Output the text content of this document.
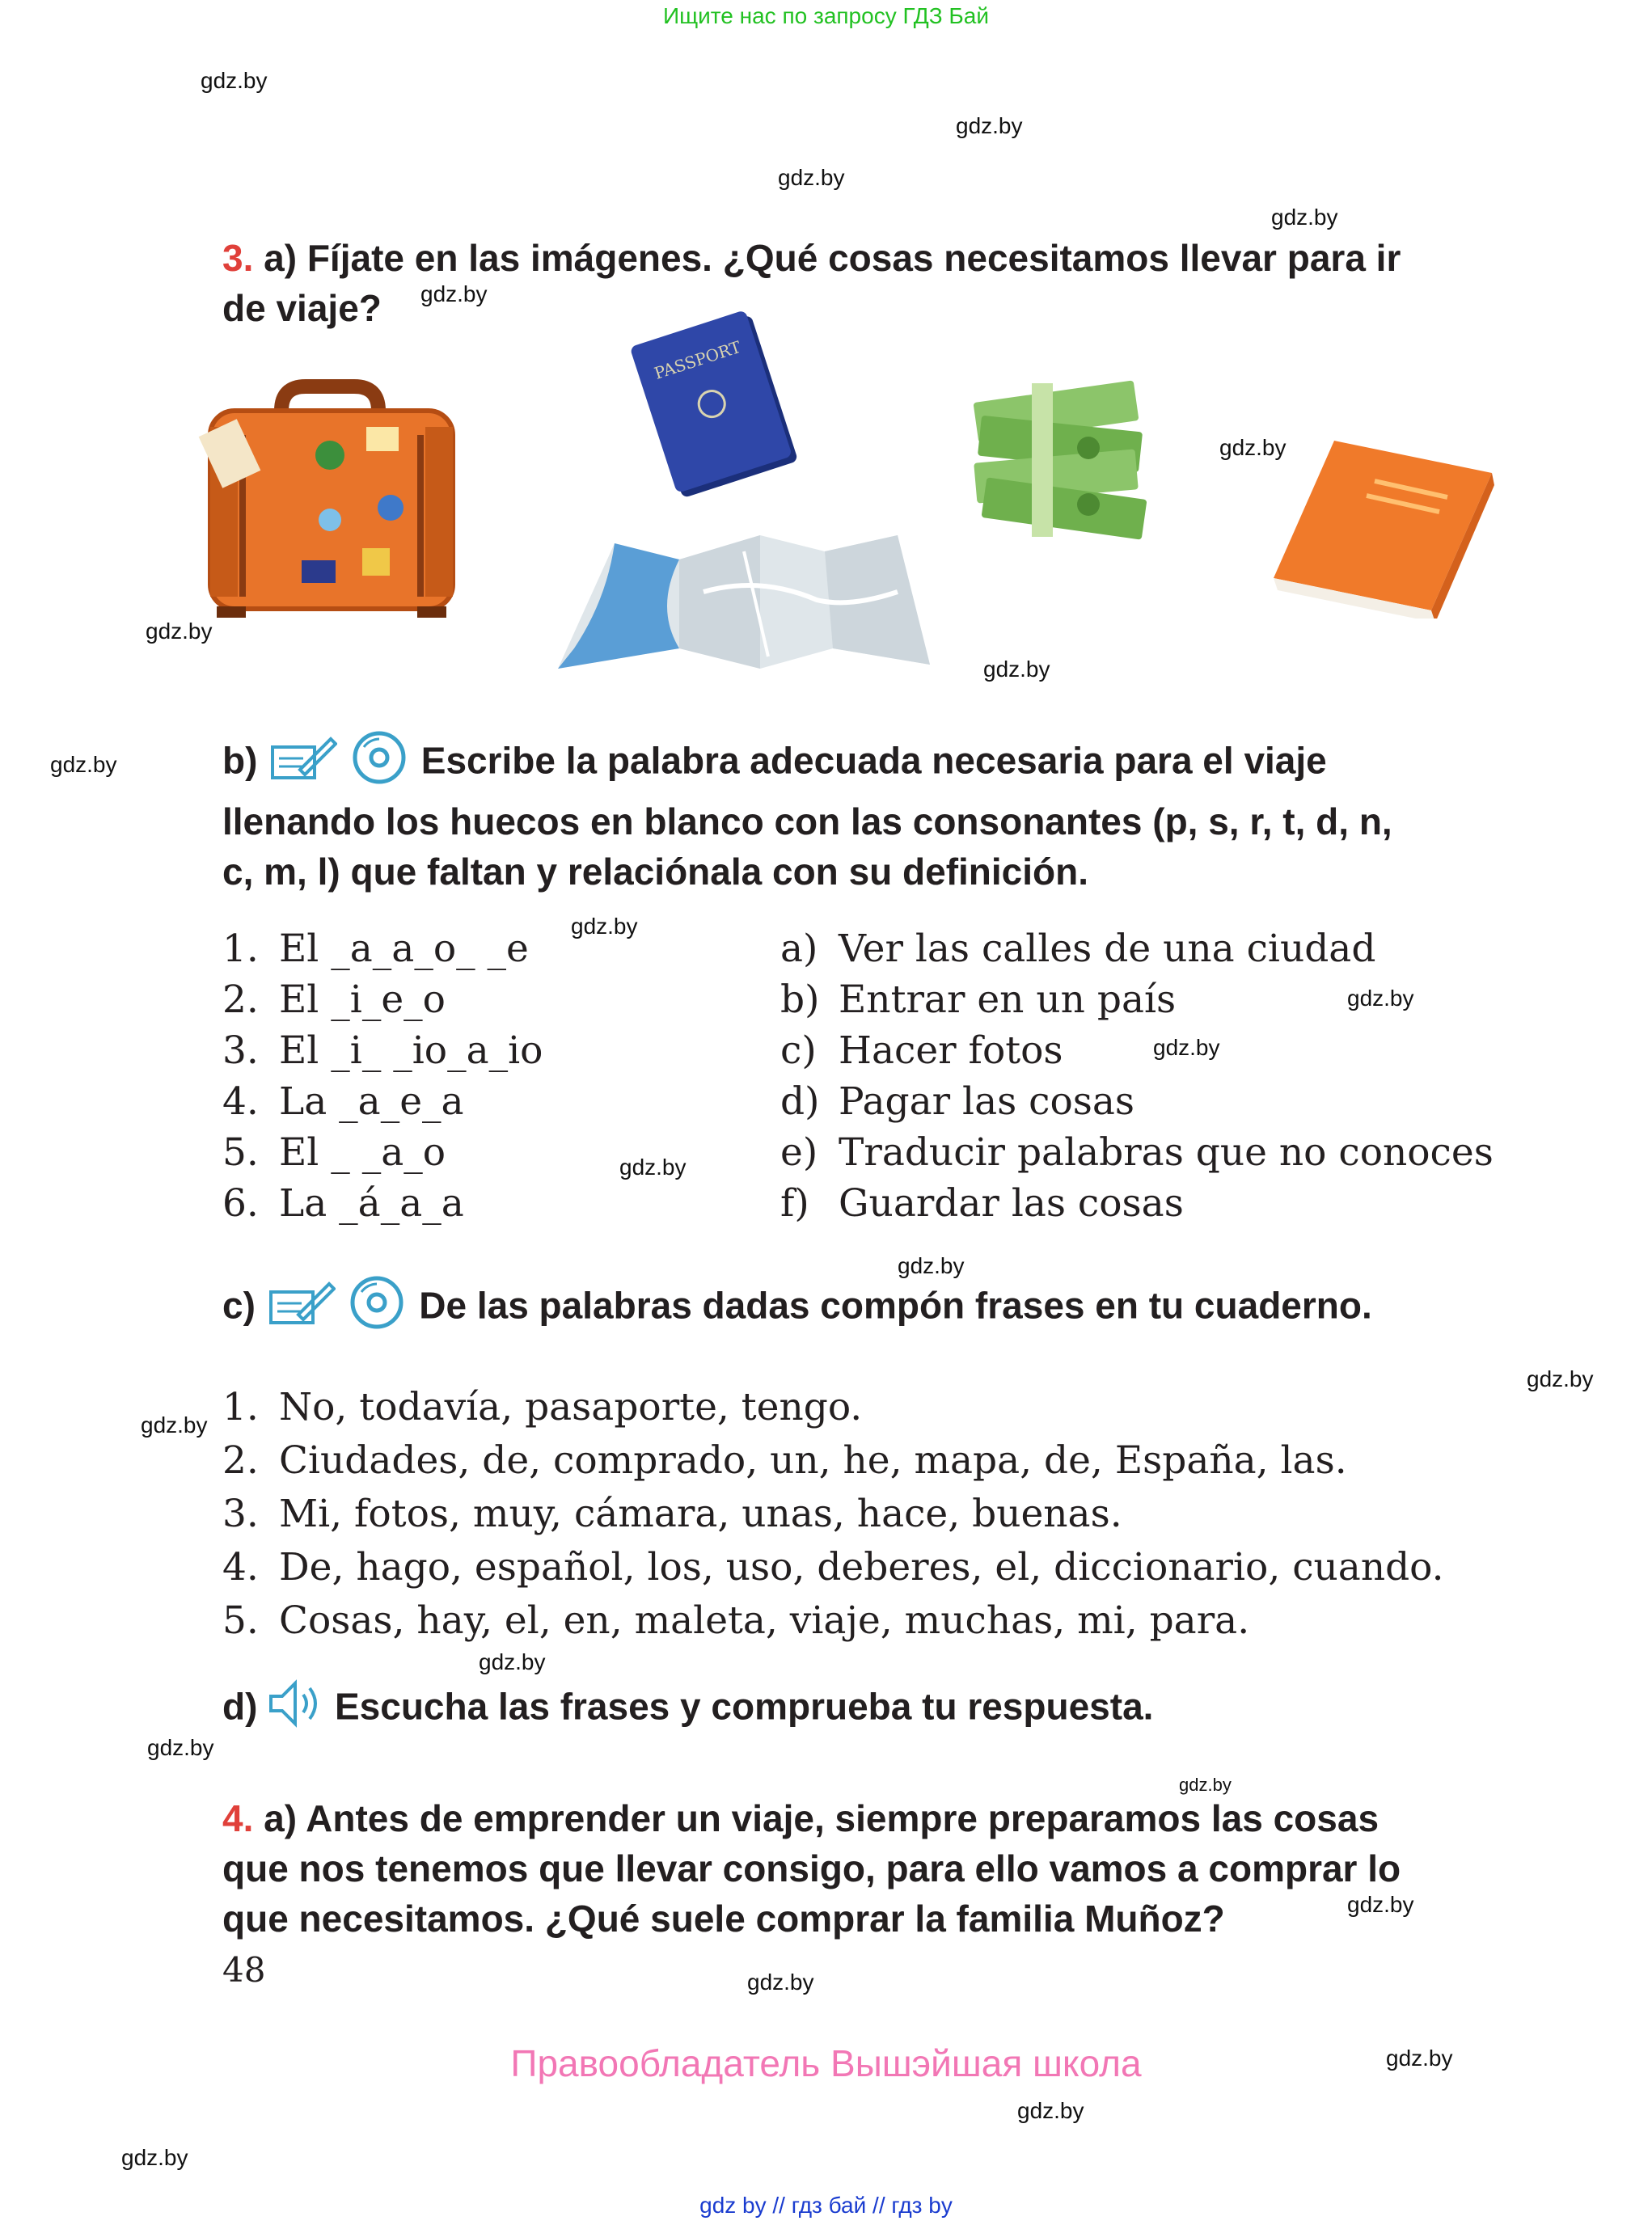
Ищите нас по запросу ГДЗ Бай
gdz.by
gdz.by
gdz.by
gdz.by
gdz.by
gdz.by
gdz.by
gdz.by
gdz.by
gdz.by
gdz.by
gdz.by
gdz.by
gdz.by
gdz.by
gdz.by
gdz.by
gdz.by
gdz.by
gdz.by
gdz.by
gdz.by
gdz.by
gdz.by
3. a) Fíjate en las imágenes. ¿Qué cosas necesitamos llevar para ir
de viaje?
PASSPORT
b)	Escribe la palabra adecuada necesaria para el viaje
llenando los huecos en blanco con las consonantes (p, s, r, t, d, n,
c, m, l) que faltan y relaciónala con su definición.
1. El _a_a_o_ _e
2. El _i_e_o
3. El _i_ _io_a_io
4. La _a_e_a
5. El _ _a_o
6. La _á_a_a
a) Ver las calles de una ciudad
b) Entrar en un país
c) Hacer fotos
d) Pagar las cosas
e) Traducir palabras que no conoces
f) Guardar las cosas
c)	De las palabras dadas compón frases en tu cuaderno.
1. No, todavía, pasaporte, tengo.
2. Ciudades, de, comprado, un, he, mapa, de, España, las.
3. Mi, fotos, muy, cámara, unas, hace, buenas.
4. De, hago, español, los, uso, deberes, el, diccionario, cuando.
5. Cosas, hay, el, en, maleta, viaje, muchas, mi, para.
d) Escucha las frases y comprueba tu respuesta.
4. a) Antes de emprender un viaje, siempre preparamos las cosas
que nos tenemos que llevar consigo, para ello vamos a comprar lo
que necesitamos. ¿Qué suele comprar la familia Muñoz?
48
Правообладатель Вышэйшая школа
gdz by // гдз бай // гдз by
